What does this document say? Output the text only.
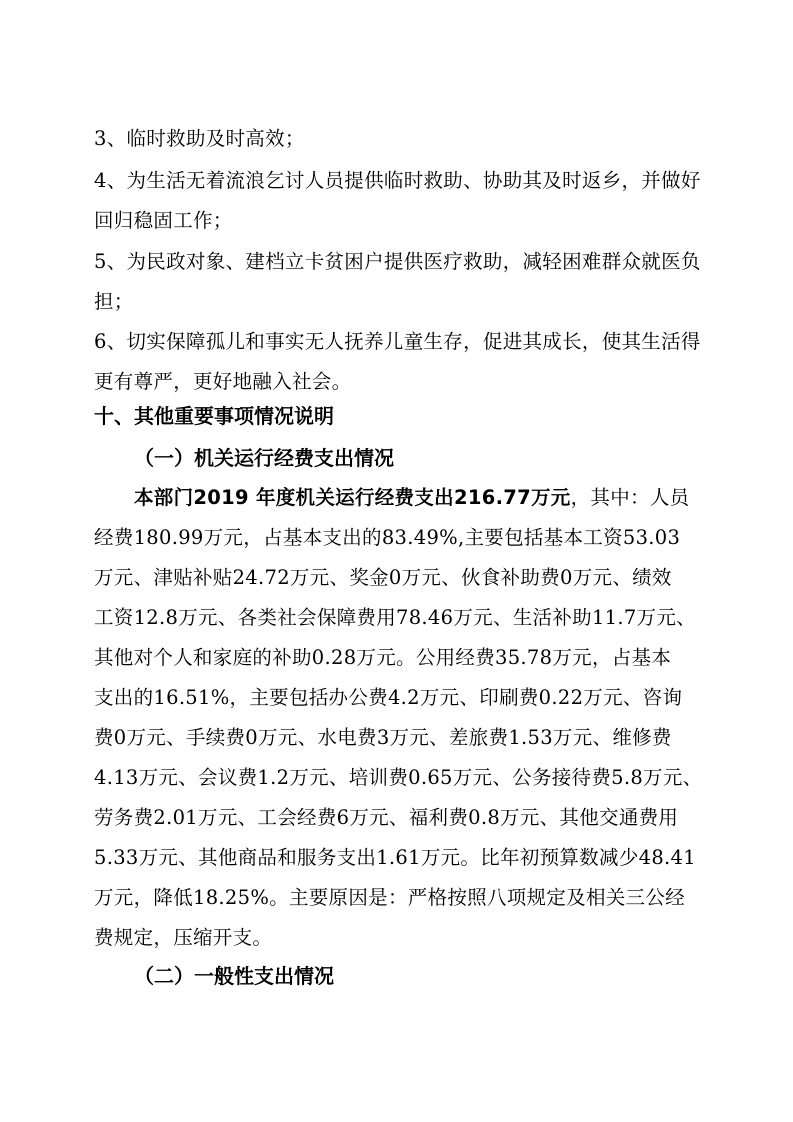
3、临时救助及时高效；
4、为生活无着流浪乞讨人员提供临时救助、协助其及时返乡，并做好
回归稳固工作；
5、为民政对象、建档立卡贫困户提供医疗救助，减轻困难群众就医负
担；
6、切实保障孤儿和事实无人抚养儿童生存，促进其成长，使其生活得
更有尊严，更好地融入社会。
十、其他重要事项情况说明
（一）机关运行经费支出情况
本部门2019 年度机关运行经费支出216.77万元，其中：人员
经费180.99万元，占基本支出的83.49%,主要包括基本工资53.03
万元、津贴补贴24.72万元、奖金0万元、伙食补助费0万元、绩效
工资12.8万元、各类社会保障费用78.46万元、生活补助11.7万元、
其他对个人和家庭的补助0.28万元。公用经费35.78万元，占基本
支出的16.51%，主要包括办公费4.2万元、印刷费0.22万元、咨询
费0万元、手续费0万元、水电费3万元、差旅费1.53万元、维修费
4.13万元、会议费1.2万元、培训费0.65万元、公务接待费5.8万元、
劳务费2.01万元、工会经费6万元、福利费0.8万元、其他交通费用
5.33万元、其他商品和服务支出1.61万元。比年初预算数减少48.41
万元，降低18.25%。主要原因是：严格按照八项规定及相关三公经
费规定，压缩开支。
（二）一般性支出情况
